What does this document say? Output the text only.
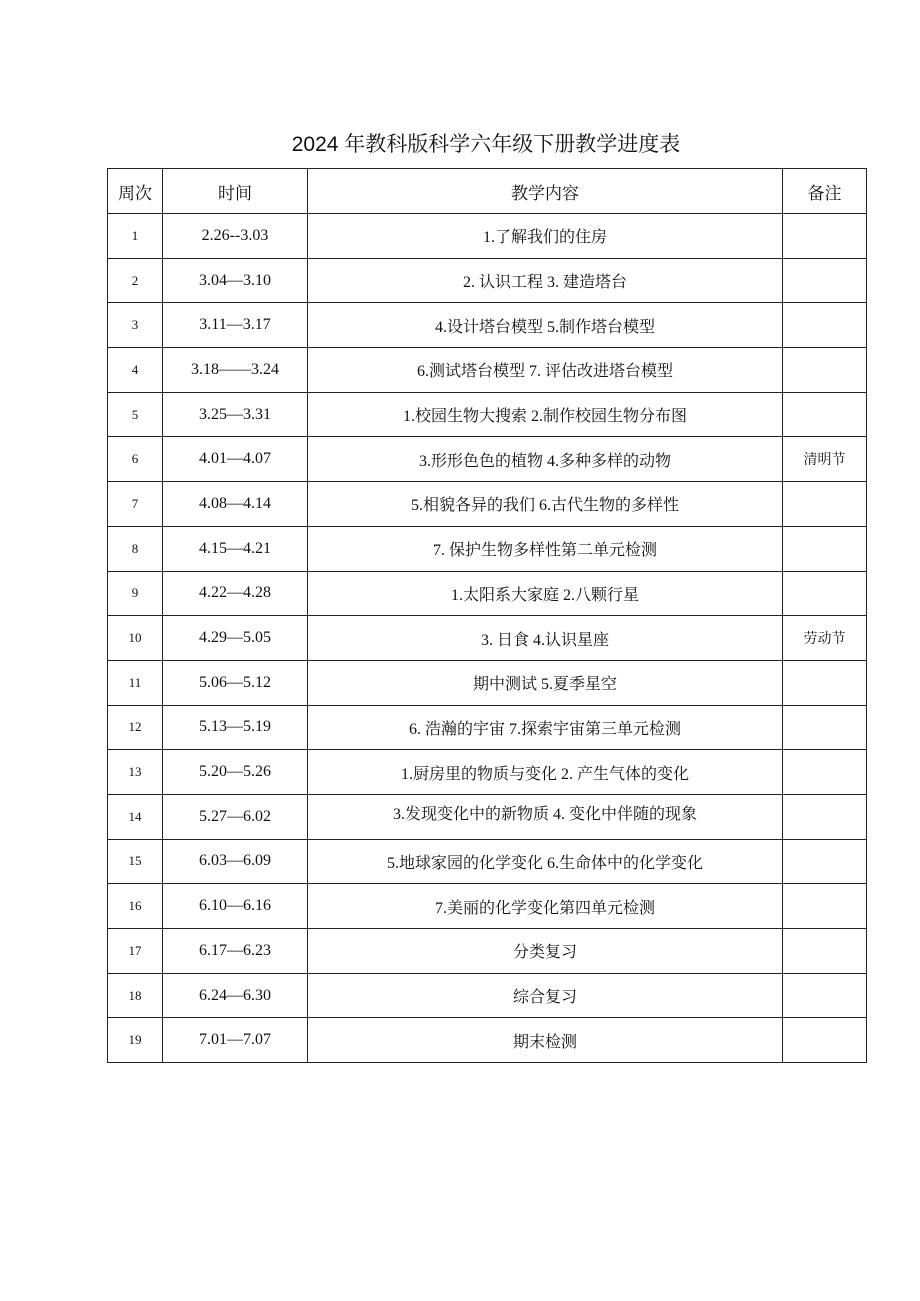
2024 年教科版科学六年级下册教学进度表
周次	时间	教学内容	备注
1	2.26--3.03	1.了解我们的住房	
2	3.04—3.10	2. 认识工程 3. 建造塔台	
3	3.11—3.17	4.设计塔台模型 5.制作塔台模型	
4	3.18——3.24	6.测试塔台模型 7. 评估改进塔台模型	
5	3.25—3.31	1.校园生物大搜索 2.制作校园生物分布图	
6	4.01—4.07	3.形形色色的植物 4.多种多样的动物	清明节
7	4.08—4.14	5.相貌各异的我们 6.古代生物的多样性	
8	4.15—4.21	7. 保护生物多样性第二单元检测	
9	4.22—4.28	1.太阳系大家庭 2.八颗行星	
10	4.29—5.05	3. 日食 4.认识星座	劳动节
11	5.06—5.12	期中测试 5.夏季星空	
12	5.13—5.19	6. 浩瀚的宇宙 7.探索宇宙第三单元检测	
13	5.20—5.26	1.厨房里的物质与变化 2. 产生气体的变化	
14	5.27—6.02	3.发现变化中的新物质 4. 变化中伴随的现象	
15	6.03—6.09	5.地球家园的化学变化 6.生命体中的化学变化	
16	6.10—6.16	7.美丽的化学变化第四单元检测	
17	6.17—6.23	分类复习	
18	6.24—6.30	综合复习	
19	7.01—7.07	期末检测	
